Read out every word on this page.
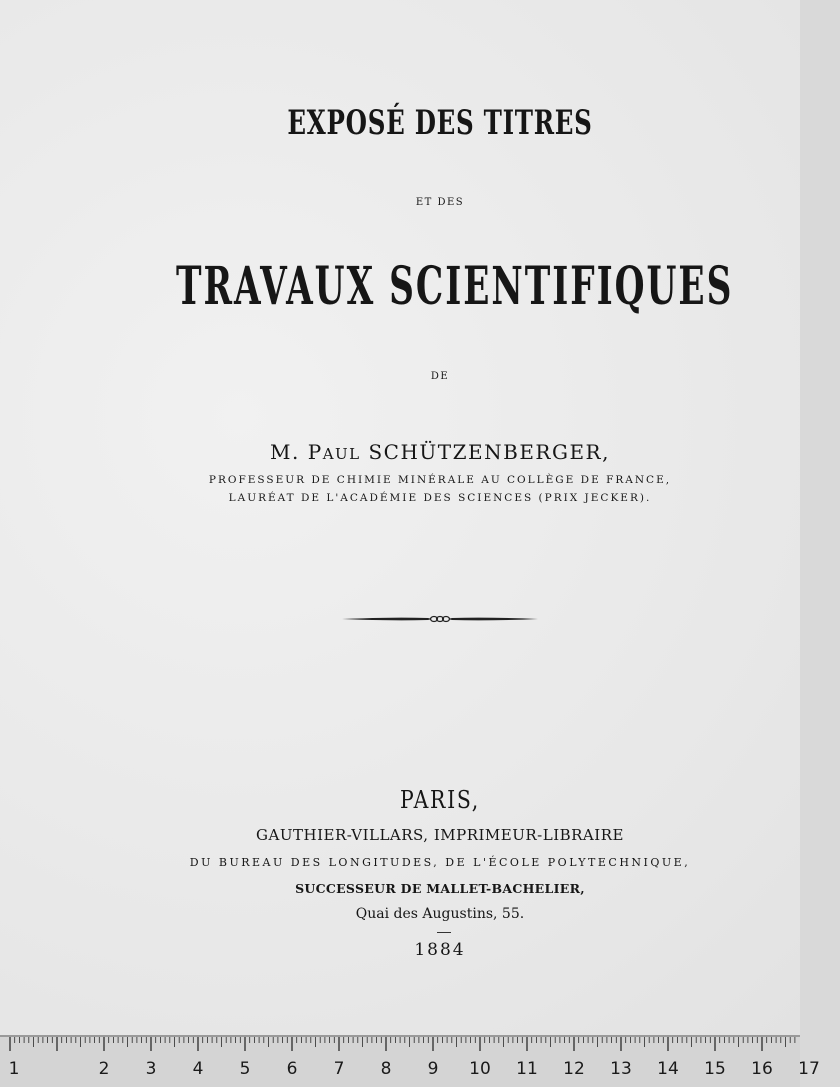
EXPOSÉ DES TITRES
ET DES
TRAVAUX SCIENTIFIQUES
DE
M. PAUL SCHÜTZENBERGER,
PROFESSEUR DE CHIMIE MINÉRALE AU COLLÈGE DE FRANCE,
LAURÉAT DE L'ACADÉMIE DES SCIENCES (PRIX JECKER).
PARIS,
GAUTHIER-VILLARS, IMPRIMEUR-LIBRAIRE
DU BUREAU DES LONGITUDES, DE L'ÉCOLE POLYTECHNIQUE,
SUCCESSEUR DE MALLET-BACHELIER,
Quai des Augustins, 55.
1884
1	2 3 4 5 6 7 8 9 10 11 12 13 14 15 16 17
